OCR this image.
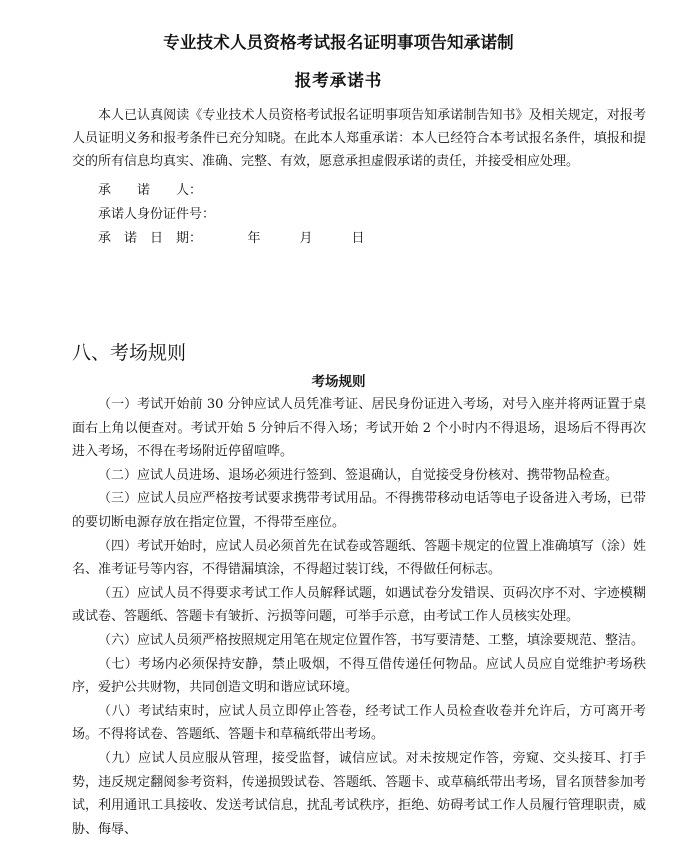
专业技术人员资格考试报名证明事项告知承诺制
报考承诺书
本人已认真阅读《专业技术人员资格考试报名证明事项告知承诺制告知书》及相关规定，对报考人员证明义务和报考条件已充分知晓。在此本人郑重承诺：本人已经符合本考试报名条件，填报和提交的所有信息均真实、准确、完整、有效，愿意承担虚假承诺的责任，并接受相应处理。
承　　诺　　人：
承诺人身份证件号：
承　诺　日　期：　　　　年　　　月　　　日
八、考场规则
考场规则

（一）考试开始前 30 分钟应试人员凭准考证、居民身份证进入考场，对号入座并将两证置于桌面右上角以便查对。考试开始 5 分钟后不得入场；考试开始 2 个小时内不得退场，退场后不得再次进入考场，不得在考场附近停留喧哗。

（二）应试人员进场、退场必须进行签到、签退确认，自觉接受身份核对、携带物品检查。

（三）应试人员应严格按考试要求携带考试用品。不得携带移动电话等电子设备进入考场，已带的要切断电源存放在指定位置，不得带至座位。

（四）考试开始时，应试人员必须首先在试卷或答题纸、答题卡规定的位置上准确填写（涂）姓名、准考证号等内容，不得错漏填涂，不得超过装订线，不得做任何标志。

（五）应试人员不得要求考试工作人员解释试题，如遇试卷分发错误、页码次序不对、字迹模糊或试卷、答题纸、答题卡有皱折、污损等问题，可举手示意，由考试工作人员核实处理。

（六）应试人员须严格按照规定用笔在规定位置作答，书写要清楚、工整，填涂要规范、整洁。

（七）考场内必须保持安静，禁止吸烟，不得互借传递任何物品。应试人员应自觉维护考场秩序，爱护公共财物，共同创造文明和谐应试环境。

（八）考试结束时，应试人员立即停止答卷，经考试工作人员检查收卷并允许后，方可离开考场。不得将试卷、答题纸、答题卡和草稿纸带出考场。

（九）应试人员应服从管理，接受监督，诚信应试。对未按规定作答，旁窥、交头接耳、打手势，违反规定翻阅参考资料，传递损毁试卷、答题纸、答题卡、或草稿纸带出考场，冒名顶替参加考试，利用通讯工具接收、发送考试信息，扰乱考试秩序，拒绝、妨碍考试工作人员履行管理职责，威胁、侮辱、
